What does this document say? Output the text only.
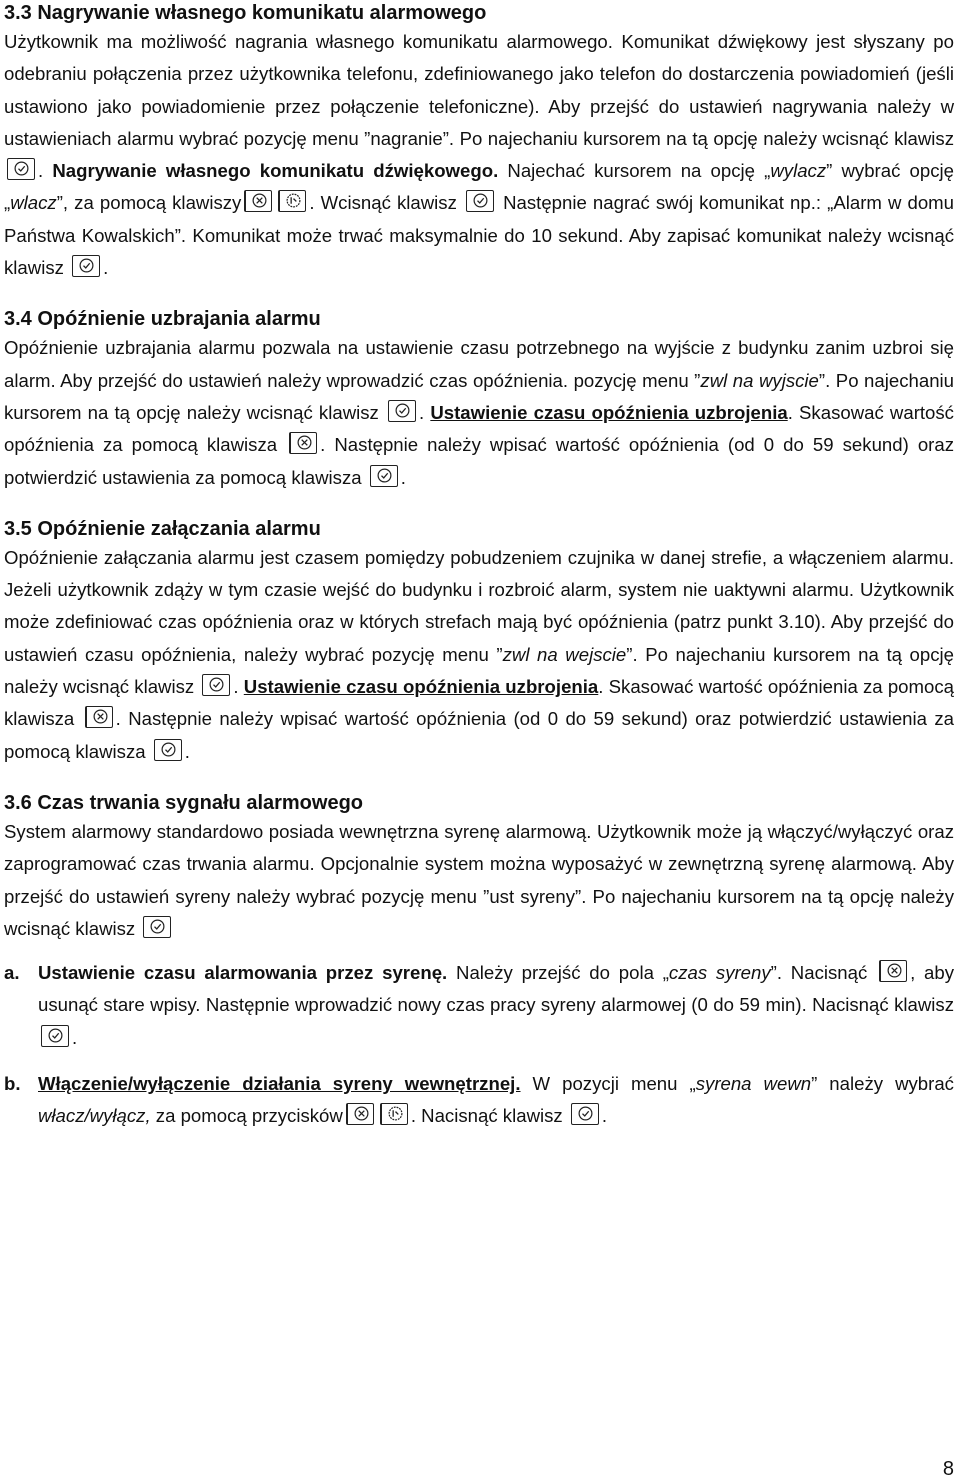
3.3 Nagrywanie własnego komunikatu alarmowego

Użytkownik ma możliwość nagrania własnego komunikatu alarmowego. Komunikat dźwiękowy jest słyszany po odebraniu połączenia przez użytkownika telefonu, zdefiniowanego jako telefon do dostarczenia powiadomień (jeśli ustawiono jako powiadomienie przez połączenie telefoniczne). Aby przejść do ustawień nagrywania należy w ustawieniach alarmu wybrać pozycję menu ”nagranie”. Po najechaniu kursorem na tą opcję należy wcisnąć klawisz
. Nagrywanie własnego komunikatu dźwiękowego. Najechać kursorem na opcję „wylacz” wybrać opcję „wlacz”, za pomocą klawiszy	. Wcisnąć klawisz
Następnie nagrać swój komunikat np.: „Alarm w domu Państwa Kowalskich”. Komunikat może trwać maksymalnie do 10 sekund. Aby zapisać komunikat należy wcisnąć klawisz .

3.4 Opóźnienie uzbrajania alarmu

Opóźnienie uzbrajania alarmu pozwala na ustawienie czasu potrzebnego na wyjście z budynku zanim uzbroi się alarm. Aby przejść do ustawień należy wprowadzić czas opóźnienia. pozycję menu ”zwl na wyjscie”. Po najechaniu kursorem na tą opcję należy wcisnąć klawisz . Ustawienie czasu opóźnienia uzbrojenia. Skasować wartość opóźnienia za pomocą klawisza . Następnie należy wpisać wartość opóźnienia (od 0 do 59 sekund) oraz potwierdzić ustawienia za pomocą klawisza .

3.5 Opóźnienie załączania alarmu

Opóźnienie załączania alarmu jest czasem pomiędzy pobudzeniem czujnika w danej strefie, a włączeniem alarmu. Jeżeli użytkownik zdąży w tym czasie wejść do budynku i rozbroić alarm, system nie uaktywni alarmu. Użytkownik może zdefiniować czas opóźnienia oraz w których strefach mają być opóźnienia (patrz punkt 3.10). Aby przejść do ustawień czasu opóźnienia, należy wybrać pozycję menu ”zwl na wejscie”. Po najechaniu kursorem na tą opcję należy wcisnąć klawisz . Ustawienie czasu opóźnienia uzbrojenia. Skasować wartość opóźnienia za pomocą klawisza . Następnie należy wpisać wartość opóźnienia (od 0 do 59 sekund) oraz potwierdzić ustawienia za pomocą klawisza .

3.6 Czas trwania sygnału alarmowego

System alarmowy standardowo posiada wewnętrzna syrenę alarmową. Użytkownik może ją włączyć/wyłączyć oraz zaprogramować czas trwania alarmu. Opcjonalnie system można wyposażyć w zewnętrzną syrenę alarmową. Aby przejść do ustawień syreny należy wybrać pozycję menu ”ust syreny”. Po najechaniu kursorem na tą opcję należy wcisnąć klawisz

a. Ustawienie czasu alarmowania przez syrenę. Należy przejść do pola „czas syreny”. Nacisnąć , aby usunąć stare wpisy. Następnie wprowadzić nowy czas pracy syreny alarmowej (0 do 59 min). Nacisnąć klawisz
.

b. Włączenie/wyłączenie działania syreny wewnętrznej. W pozycji menu „syrena wewn” należy wybrać włacz/wyłącz, za pomocą przycisków	. Nacisnąć klawisz .

8
